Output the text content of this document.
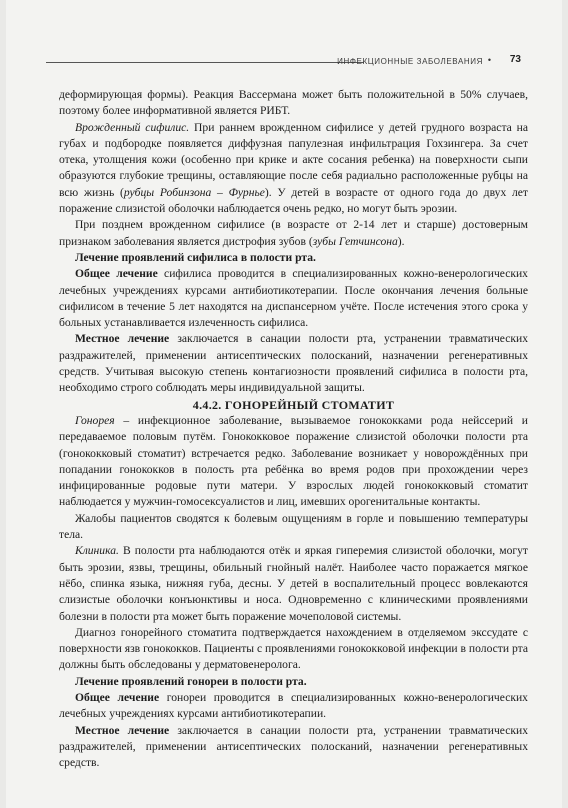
ИНФЕКЦИОННЫЕ ЗАБОЛЕВАНИЯ • 73

деформирующая формы). Реакция Вассермана может быть положительной в 50% случаев, поэтому более информативной является РИБТ.

Врожденный сифилис. При раннем врожденном сифилисе у детей грудного возраста на губах и подбородке появляется диффузная папулезная инфильтрация Гохзингера. За счет отека, утолщения кожи (особенно при крике и акте сосания ребенка) на поверхности сыпи образуются глубокие трещины, оставляющие после себя радиально расположенные рубцы на всю жизнь (рубцы Робинзона – Фурнье). У детей в возрасте от одного года до двух лет поражение слизистой оболочки наблюдается очень редко, но могут быть эрозии.

При позднем врожденном сифилисе (в возрасте от 2-14 лет и старше) достоверным признаком заболевания является дистрофия зубов (зубы Гетчинсона).

Лечение проявлений сифилиса в полости рта.

Общее лечение сифилиса проводится в специализированных кожно-венерологических лечебных учреждениях курсами антибиотикотерапии. После окончания лечения больные сифилисом в течение 5 лет находятся на диспансерном учёте. После истечения этого срока у больных устанавливается излеченность сифилиса.

Местное лечение заключается в санации полости рта, устранении травматических раздражителей, применении антисептических полосканий, назначении регенеративных средств. Учитывая высокую степень контагиозности проявлений сифилиса в полости рта, необходимо строго соблюдать меры индивидуальной защиты.

4.4.2. ГОНОРЕЙНЫЙ СТОМАТИТ

Гонорея – инфекционное заболевание, вызываемое гонококками рода нейссерий и передаваемое половым путём. Гонококковое поражение слизистой оболочки полости рта (гонококковый стоматит) встречается редко. Заболевание возникает у новорождённых при попадании гонококков в полость рта ребёнка во время родов при прохождении через инфицированные родовые пути матери. У взрослых людей гонококковый стоматит наблюдается у мужчин-гомосексуалистов и лиц, имевших орогенитальные контакты.

Жалобы пациентов сводятся к болевым ощущениям в горле и повышению температуры тела.

Клиника. В полости рта наблюдаются отёк и яркая гиперемия слизистой оболочки, могут быть эрозии, язвы, трещины, обильный гнойный налёт. Наиболее часто поражается мягкое нёбо, спинка языка, нижняя губа, десны. У детей в воспалительный процесс вовлекаются слизистые оболочки конъюнктивы и носа. Одновременно с клиническими проявлениями болезни в полости рта может быть поражение мочеполовой системы.

Диагноз гонорейного стоматита подтверждается нахождением в отделяемом экссудате с поверхности язв гонококков. Пациенты с проявлениями гонококковой инфекции в полости рта должны быть обследованы у дерматовенеролога.

Лечение проявлений гонореи в полости рта.

Общее лечение гонореи проводится в специализированных кожно-венерологических лечебных учреждениях курсами антибиотикотерапии.

Местное лечение заключается в санации полости рта, устранении травматических раздражителей, применении антисептических полосканий, назначении регенеративных средств.
